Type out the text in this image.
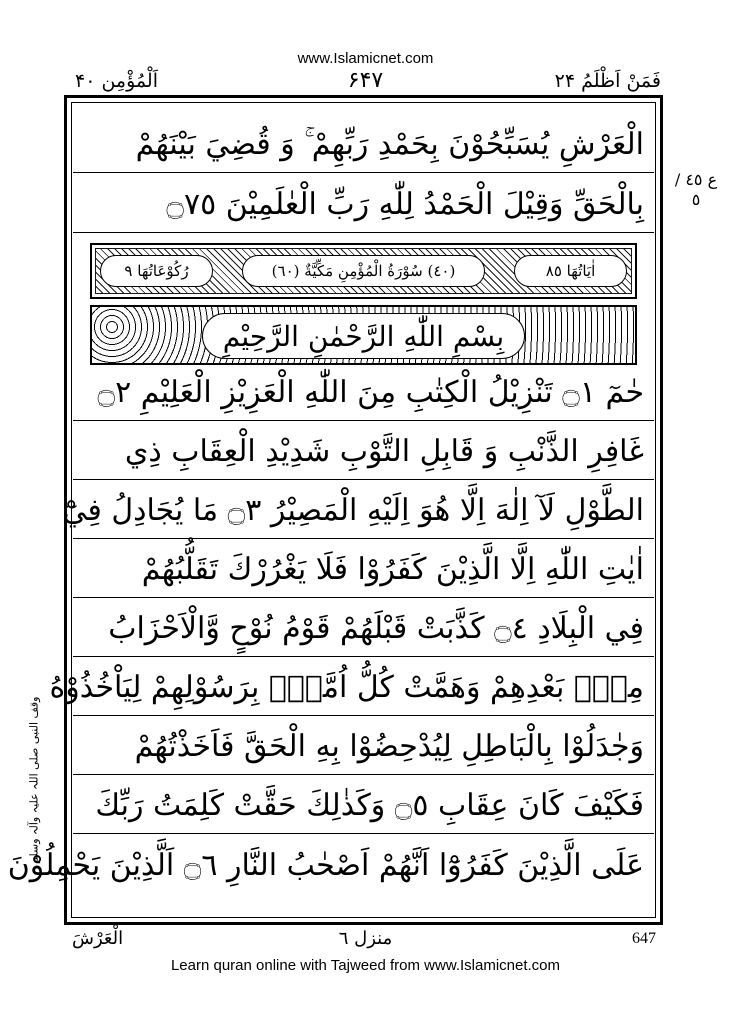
www.Islamicnet.com
فَمَنْ اَظْلَمُ ۲۴
۶۴۷
اَلْمُؤْمِن ۴۰
الْعَرْشِ يُسَبِّحُوْنَ بِحَمْدِ رَبِّهِمْ ۚ وَ قُضِيَ بَيْنَهُمْ
بِالْحَقِّ وَقِيْلَ الْحَمْدُ لِلّٰهِ رَبِّ الْعٰلَمِيْنَ ۝٧٥
اٰيَاتُهَا ٨٥
(٤٠) سُوْرَةُ الْمُؤْمِنِ مَكِّيَّةٌ (٦٠)
رُكُوْعَاتُهَا ٩
بِسْمِ اللّٰهِ الرَّحْمٰنِ الرَّحِيْمِ
حٰمٓ ۝١ تَنْزِيْلُ الْكِتٰبِ مِنَ اللّٰهِ الْعَزِيْزِ الْعَلِيْمِ ۝٢
غَافِرِ الذَّنْبِ وَ قَابِلِ التَّوْبِ شَدِيْدِ الْعِقَابِ ذِي
الطَّوْلِ لَآ اِلٰهَ اِلَّا هُوَ اِلَيْهِ الْمَصِيْرُ ۝٣ مَا يُجَادِلُ فِيْٓ
اٰيٰتِ اللّٰهِ اِلَّا الَّذِيْنَ كَفَرُوْا فَلَا يَغْرُرْكَ تَقَلُّبُهُمْ
فِي الْبِلَادِ ۝٤ كَذَّبَتْ قَبْلَهُمْ قَوْمُ نُوْحٍ وَّالْاَحْزَابُ
مِنْۢ بَعْدِهِمْ وَهَمَّتْ كُلُّ اُمَّةٍۭ بِرَسُوْلِهِمْ لِيَاْخُذُوْهُ
وَجٰدَلُوْا بِالْبَاطِلِ لِيُدْحِضُوْا بِهِ الْحَقَّ فَاَخَذْتُهُمْ
فَكَيْفَ كَانَ عِقَابِ ۝٥ وَكَذٰلِكَ حَقَّتْ كَلِمَتُ رَبِّكَ
عَلَى الَّذِيْنَ كَفَرُوْٓا اَنَّهُمْ اَصْحٰبُ النَّارِ ۝٦ اَلَّذِيْنَ يَحْمِلُوْنَ
ع ٤٥ / ٥
وقف النبی صلی اللہ علیہ وآلہ وسلم
الْعَرْشَ	منزل ٦	647
Learn quran online with Tajweed from www.Islamicnet.com
